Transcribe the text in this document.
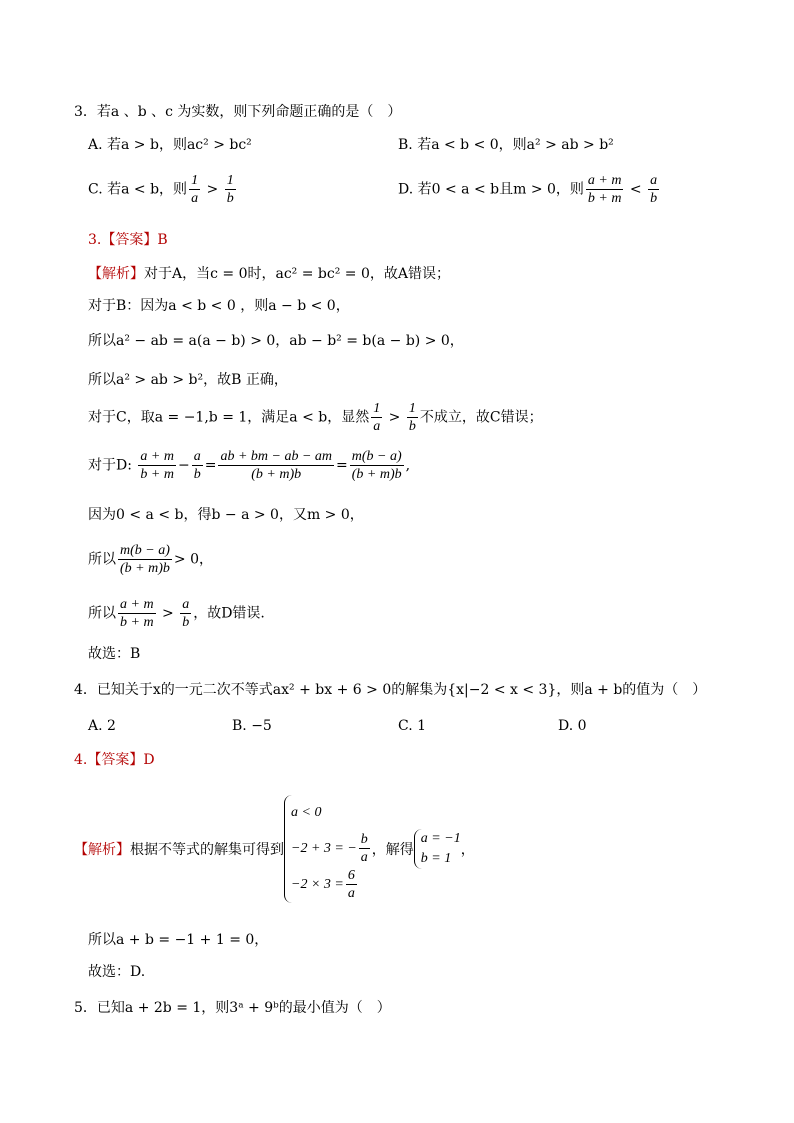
3．若a 、b 、c 为实数，则下列命题正确的是（　）
A. 若a > b，则ac² > bc²	B. 若a < b < 0，则a² > ab > b²
C. 若a < b，则 $\frac{1}{a} > \frac{1}{b}$	D. 若0 < a < b且m > 0，则 $\frac{a + m}{b + m} < \frac{a}{b}$
3.【答案】B
【解析】对于A，当c = 0时，ac² = bc² = 0，故A错误；
对于B：因为a < b < 0 ，则a − b < 0，
所以a² − ab = a(a − b) > 0，ab − b² = b(a − b) > 0，
所以a² > ab > b²，故B 正确，
对于C，取a = −1,b = 1，满足a < b，显然 $\frac{1}{a} > \frac{1}{b}$ 不成立，故C错误；
对于D: $\frac{a + m}{b + m} - \frac{a}{b} = \frac{ab + bm - ab - am}{(b + m)b} = \frac{m(b - a)}{(b + m)b}$ ,
因为0 < a < b，得b − a > 0，又m > 0，
所以 $\frac{m(b - a)}{(b + m)b} > 0$，
所以 $\frac{a + m}{b + m} > \frac{a}{b}$ ，故D错误.
故选：B
4．已知关于x的一元二次不等式ax² + bx + 6 > 0的解集为{x|−2 < x < 3}，则a + b的值为（　）
A. 2	B. −5	C. 1	D. 0
4.【答案】D
【解析】根据不等式的解集可得到
a < 0
−2 + 3 = − $\frac{b}{a}$
$-2 \times 3 = \frac{6}{a}$
，解得
a = −1
b = 1
，
所以a + b = −1 + 1 = 0，
故选：D.
5．已知a + 2b = 1，则3ᵃ + 9ᵇ的最小值为（　）
